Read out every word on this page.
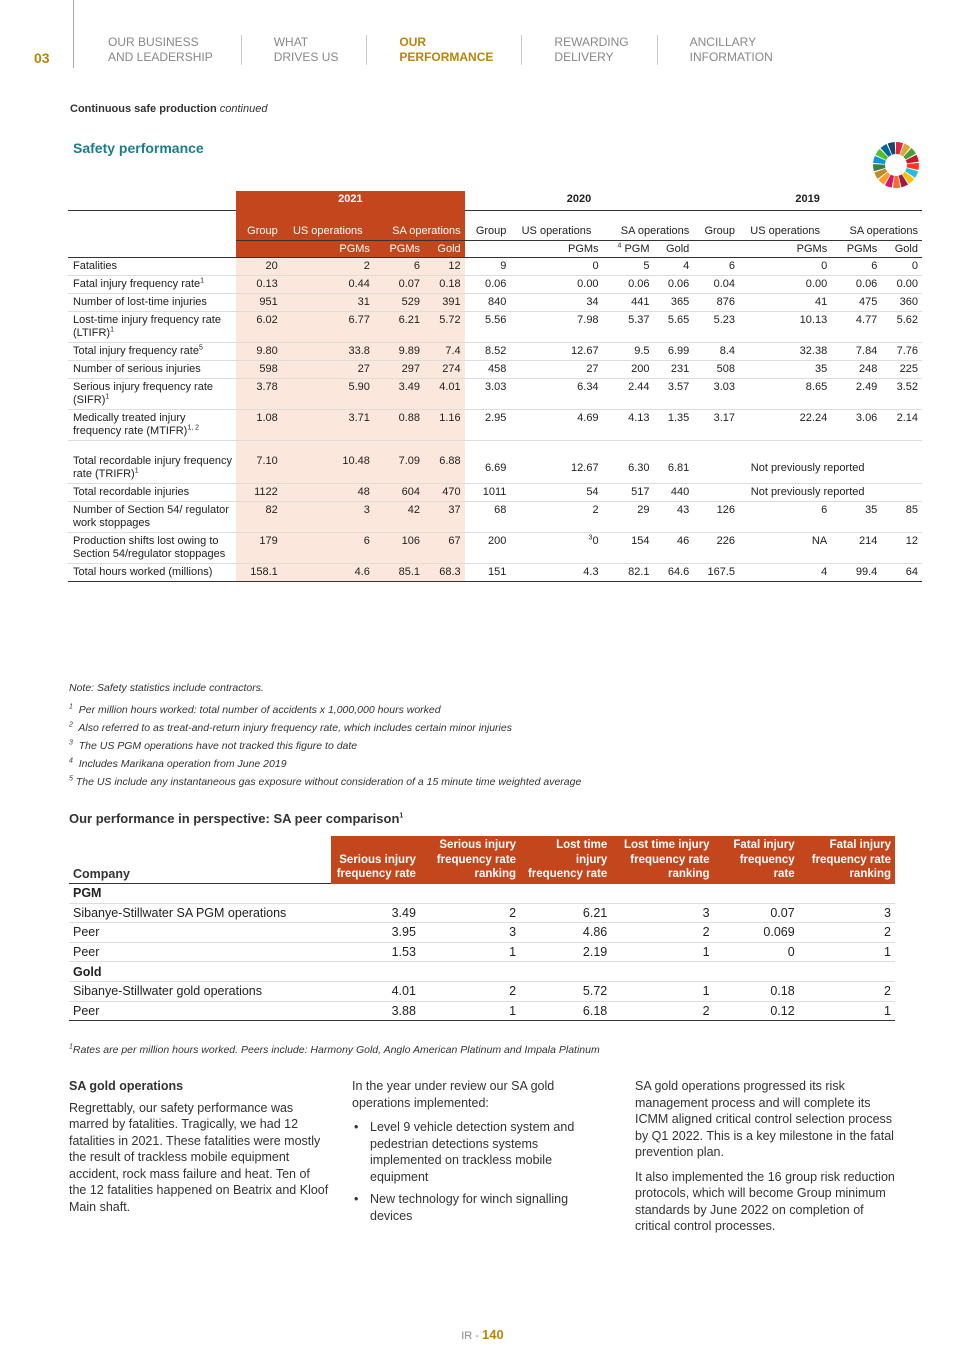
03
OUR BUSINESS
AND LEADERSHIP
WHAT
DRIVES US
OUR
PERFORMANCE
REWARDING
DELIVERY
ANCILLARY
INFORMATION
Continuous safe production continued
Safety performance
	2021				2020				2019			
	Group	US operations	SA operations		Group	US operations	SA operations		Group	US operations	SA operations	
		PGMs	PGMs	Gold		PGMs	$^4$ PGM	Gold		PGMs	PGMs	Gold
Fatalities	20	2	6	12	9	0	5	4	6	0	6	0
Fatal injury frequency rate$^1$	0.13	0.44	0.07	0.18	0.06	0.00	0.06	0.06	0.04	0.00	0.06	0.00
Number of lost-time injuries	951	31	529	391	840	34	441	365	876	41	475	360
Lost-time injury frequency rate (LTIFR)$^1$	6.02	6.77	6.21	5.72	5.56	7.98	5.37	5.65	5.23	10.13	4.77	5.62
Total injury frequency rate$^5$	9.80	33.8	9.89	7.4	8.52	12.67	9.5	6.99	8.4	32.38	7.84	7.76
Number of serious injuries	598	27	297	274	458	27	200	231	508	35	248	225
Serious injury frequency rate (SIFR)$^1$	3.78	5.90	3.49	4.01	3.03	6.34	2.44	3.57	3.03	8.65	2.49	3.52
Medically treated injury frequency rate (MTIFR)$^{1, 2}$	1.08	3.71	0.88	1.16	2.95	4.69	4.13	1.35	3.17	22.24	3.06	2.14
Total recordable injury frequency rate (TRIFR)$^1$	7.10	10.48	7.09	6.88	6.69	12.67	6.30	6.81	Not previously reported			
Total recordable injuries	1122	48	604	470	1011	54	517	440	Not previously reported			
Number of Section 54/ regulator work stoppages	82	3	42	37	68	2	29	43	126	6	35	85
Production shifts lost owing to Section 54/regulator stoppages	179	6	106	67	200	$^3$0	154	46	226	NA	214	12
Total hours worked (millions)	158.1	4.6	85.1	68.3	151	4.3	82.1	64.6	167.5	4	99.4	64

Note: Safety statistics include contractors.

$^1$ Per million hours worked: total number of accidents x 1,000,000 hours worked

$^2$ Also referred to as treat-and-return injury frequency rate, which includes certain minor injuries

$^3$ The US PGM operations have not tracked this figure to date

$^4$ Includes Marikana operation from June 2019

$^5$ The US include any instantaneous gas exposure without consideration of a 15 minute time weighted average

Our performance in perspective: SA peer comparison$^1$
Company	Serious injury frequency rate	Serious injury frequency rate ranking	Lost time injury frequency rate	Lost time injury frequency rate ranking	Fatal injury frequency rate	Fatal injury frequency rate ranking
PGM						
Sibanye-Stillwater SA PGM operations	3.49	2	6.21	3	0.07	3
Peer	3.95	3	4.86	2	0.069	2
Peer	1.53	1	2.19	1	0	1
Gold						
Sibanye-Stillwater gold operations	4.01	2	5.72	1	0.18	2
Peer	3.88	1	6.18	2	0.12	1
$^1$Rates are per million hours worked. Peers include: Harmony Gold, Anglo American Platinum and Impala Platinum
SA gold operations

Regrettably, our safety performance was marred by fatalities. Tragically, we had 12 fatalities in 2021. These fatalities were mostly the result of trackless mobile equipment accident, rock mass failure and heat. Ten of the 12 fatalities happened on Beatrix and Kloof Main shaft.

In the year under review our SA gold operations implemented:

• Level 9 vehicle detection system and pedestrian detections systems implemented on trackless mobile equipment
• New technology for winch signalling devices

SA gold operations progressed its risk management process and will complete its ICMM aligned critical control selection process by Q1 2022. This is a key milestone in the fatal prevention plan.

It also implemented the 16 group risk reduction protocols, which will become Group minimum standards by June 2022 on completion of critical control processes.

IR - 140
